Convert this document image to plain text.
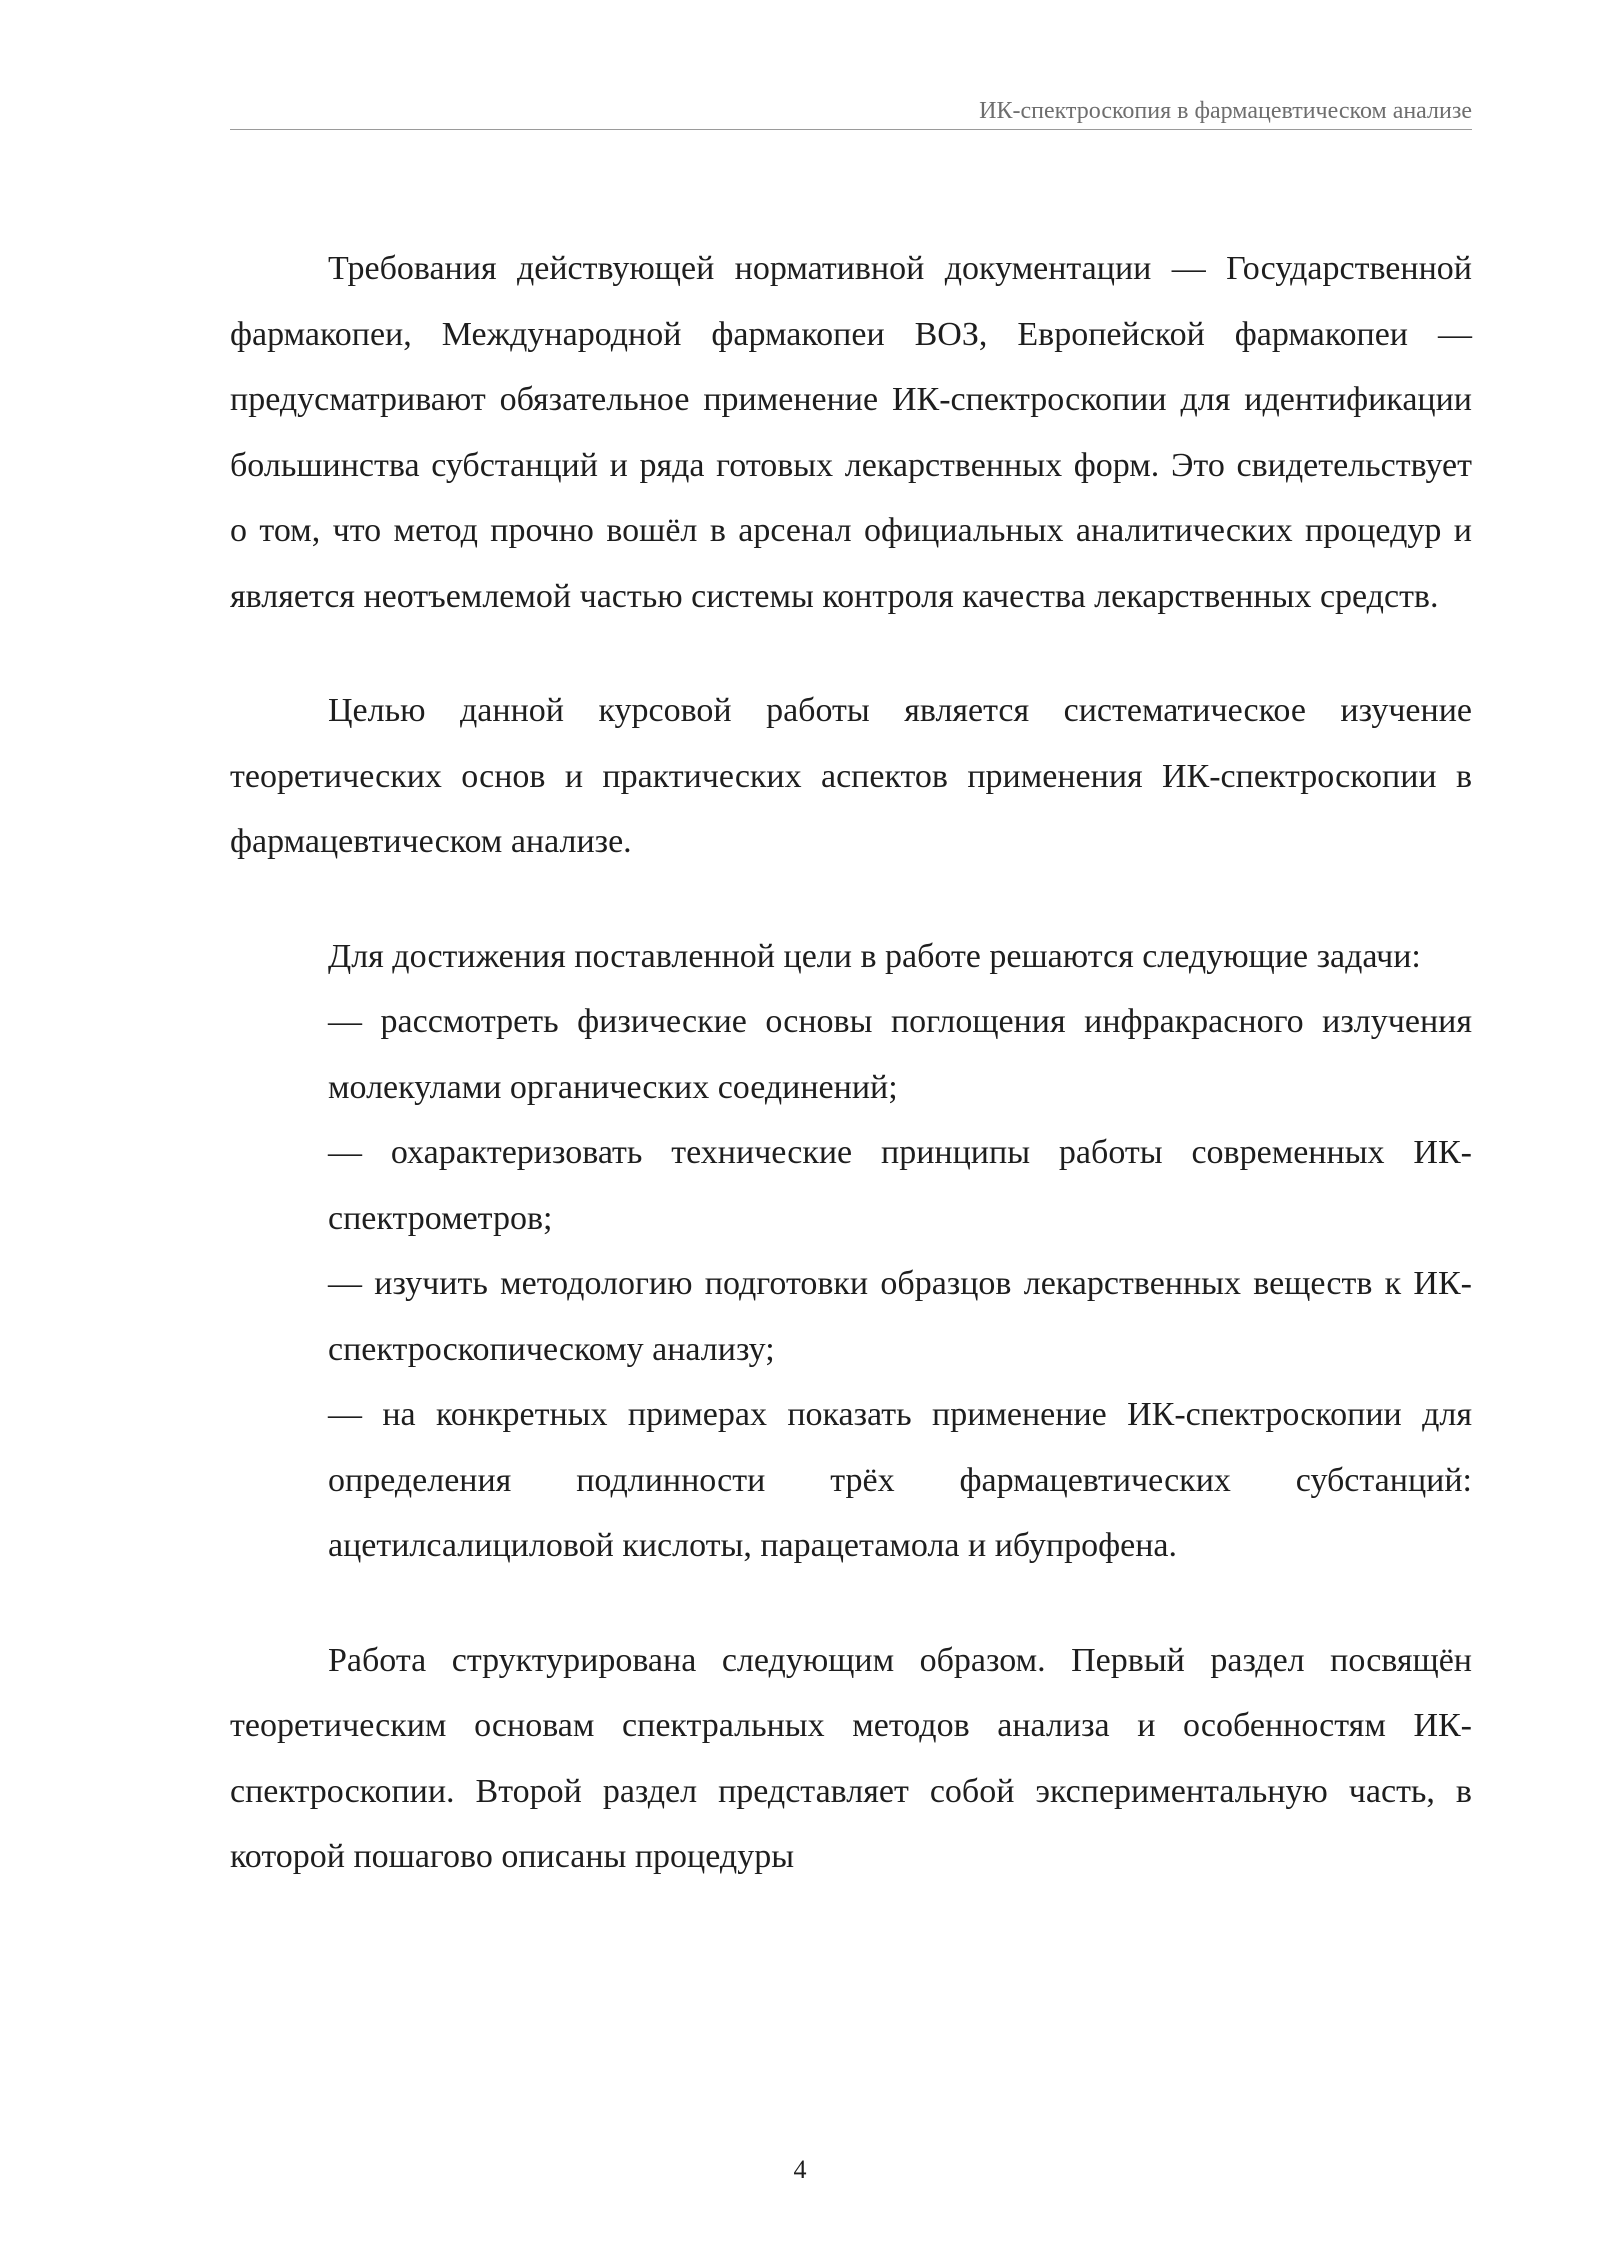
ИК-спектроскопия в фармацевтическом анализе

Требования действующей нормативной документации — Государственной фармакопеи, Международной фармакопеи ВОЗ, Европейской фармакопеи — предусматривают обязательное применение ИК-спектроскопии для идентификации большинства субстанций и ряда готовых лекарственных форм. Это свидетельствует о том, что метод прочно вошёл в арсенал официальных аналитических процедур и является неотъемлемой частью системы контроля качества лекарственных средств.

Целью данной курсовой работы является систематическое изучение теоретических основ и практических аспектов применения ИК-спектроскопии в фармацевтическом анализе.

Для достижения поставленной цели в работе решаются следующие задачи:

— рассмотреть физические основы поглощения инфракрасного излучения молекулами органических соединений;
— охарактеризовать технические принципы работы современных ИК-спектрометров;
— изучить методологию подготовки образцов лекарственных веществ к ИК-спектроскопическому анализу;
— на конкретных примерах показать применение ИК-спектроскопии для определения подлинности трёх фармацевтических субстанций: ацетилсалициловой кислоты, парацетамола и ибупрофена.

Работа структурирована следующим образом. Первый раздел посвящён теоретическим основам спектральных методов анализа и особенностям ИК-спектроскопии. Второй раздел представляет собой экспериментальную часть, в которой пошагово описаны процедуры

4
